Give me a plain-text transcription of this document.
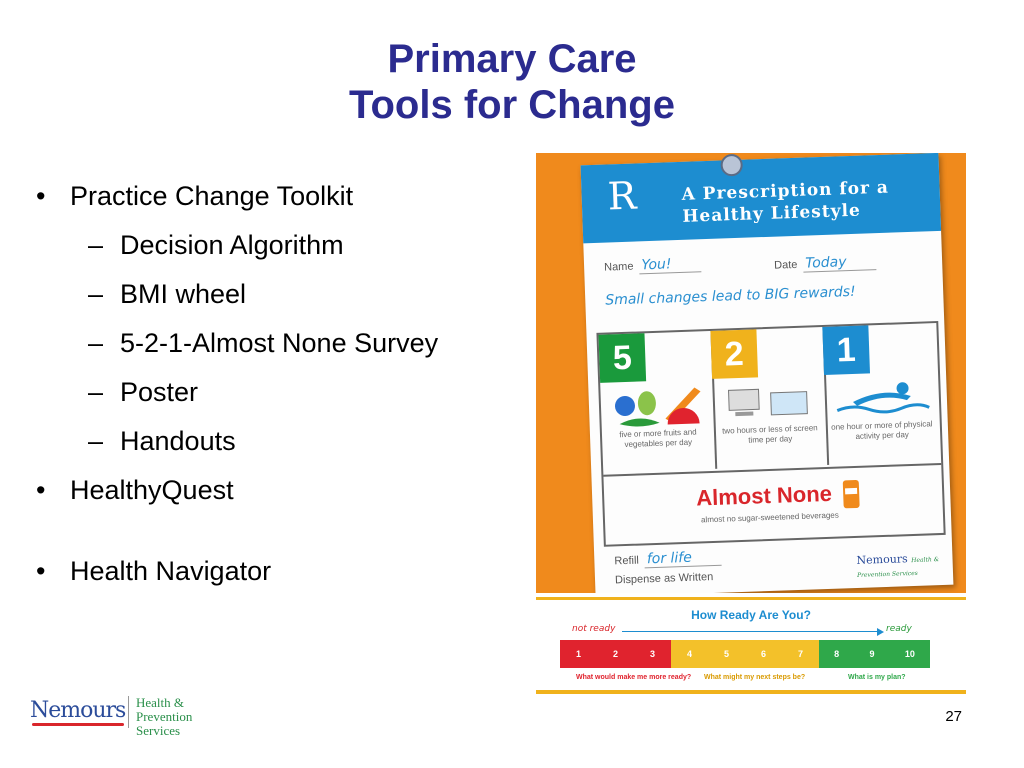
Primary Care
Tools for Change
• Practice Change Toolkit
– Decision Algorithm
– BMI wheel
– 5-2-1-Almost None Survey
– Poster
– Handouts
• HealthyQuest
• Health Navigator
R	A Prescription for a Healthy Lifestyle
Name You!	Date Today
Small changes lead to BIG rewards!
5
five or more fruits and vegetables per day
2
two hours or less of screen time per day
1
one hour or more of physical activity per day
Almost None
almost no sugar-sweetened beverages
Refill for life
Dispense as Written
Nemours Health & Prevention Services
How Ready Are You?
not ready	ready
1	2	3	4	5	6	7	8	9	10
What would make me more ready? What might my next steps be?	What is my plan?
Nemours Health &
Prevention Services
27
